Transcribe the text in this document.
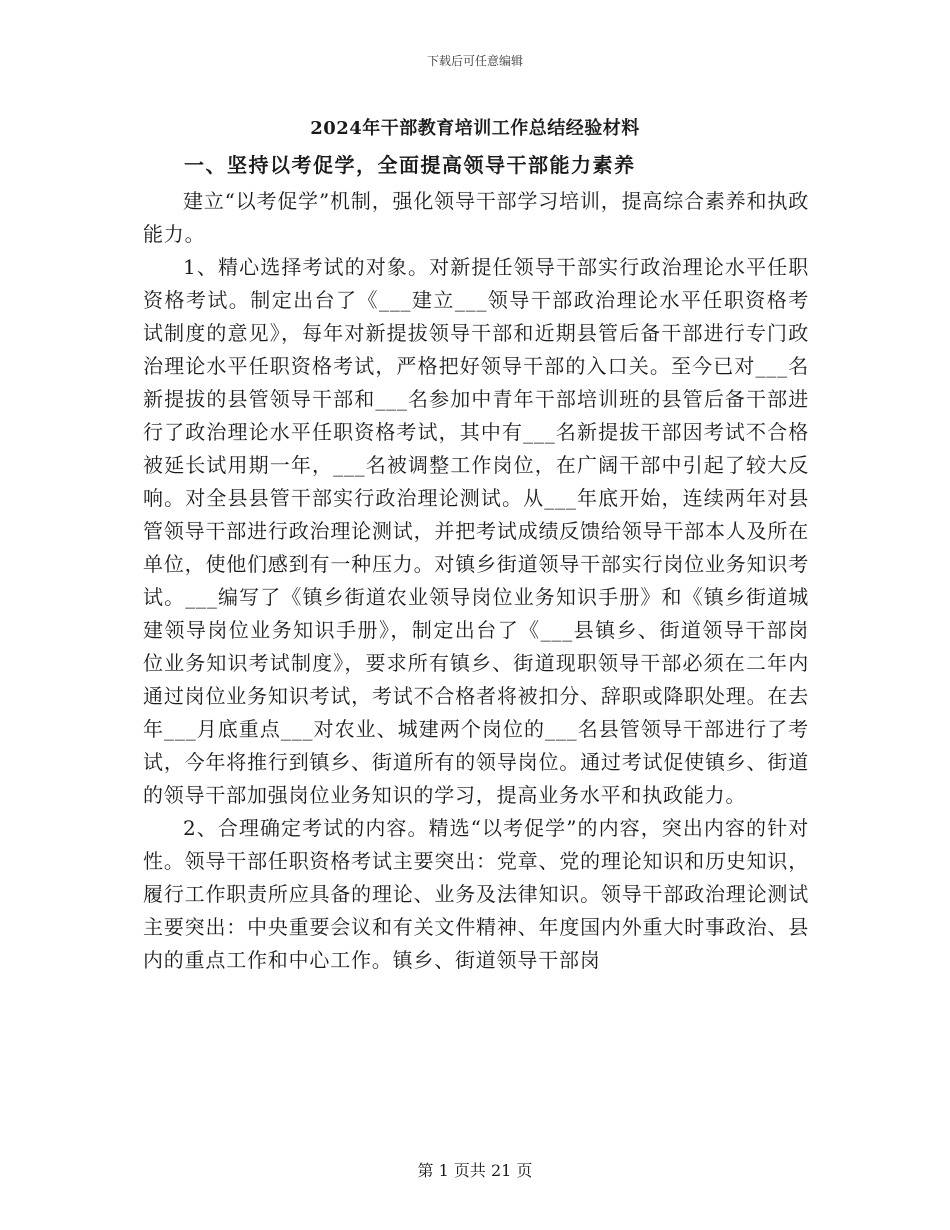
下载后可任意编辑
2024年干部教育培训工作总结经验材料
一、坚持以考促学，全面提高领导干部能力素养

建立“以考促学”机制，强化领导干部学习培训，提高综合素养和执政能力。

1、精心选择考试的对象。对新提任领导干部实行政治理论水平任职资格考试。制定出台了《___建立___领导干部政治理论水平任职资格考试制度的意见》，每年对新提拔领导干部和近期县管后备干部进行专门政治理论水平任职资格考试，严格把好领导干部的入口关。至今已对___名新提拔的县管领导干部和___名参加中青年干部培训班的县管后备干部进行了政治理论水平任职资格考试，其中有___名新提拔干部因考试不合格被延长试用期一年，___名被调整工作岗位，在广阔干部中引起了较大反响。对全县县管干部实行政治理论测试。从___年底开始，连续两年对县管领导干部进行政治理论测试，并把考试成绩反馈给领导干部本人及所在单位，使他们感到有一种压力。对镇乡街道领导干部实行岗位业务知识考试。___编写了《镇乡街道农业领导岗位业务知识手册》和《镇乡街道城建领导岗位业务知识手册》，制定出台了《___县镇乡、街道领导干部岗位业务知识考试制度》，要求所有镇乡、街道现职领导干部必须在二年内通过岗位业务知识考试，考试不合格者将被扣分、辞职或降职处理。在去年___月底重点___对农业、城建两个岗位的___名县管领导干部进行了考试，今年将推行到镇乡、街道所有的领导岗位。通过考试促使镇乡、街道的领导干部加强岗位业务知识的学习，提高业务水平和执政能力。

2、合理确定考试的内容。精选“以考促学”的内容，突出内容的针对性。领导干部任职资格考试主要突出：党章、党的理论知识和历史知识，履行工作职责所应具备的理论、业务及法律知识。领导干部政治理论测试主要突出：中央重要会议和有关文件精神、年度国内外重大时事政治、县内的重点工作和中心工作。镇乡、街道领导干部岗

第 1 页共 21 页
